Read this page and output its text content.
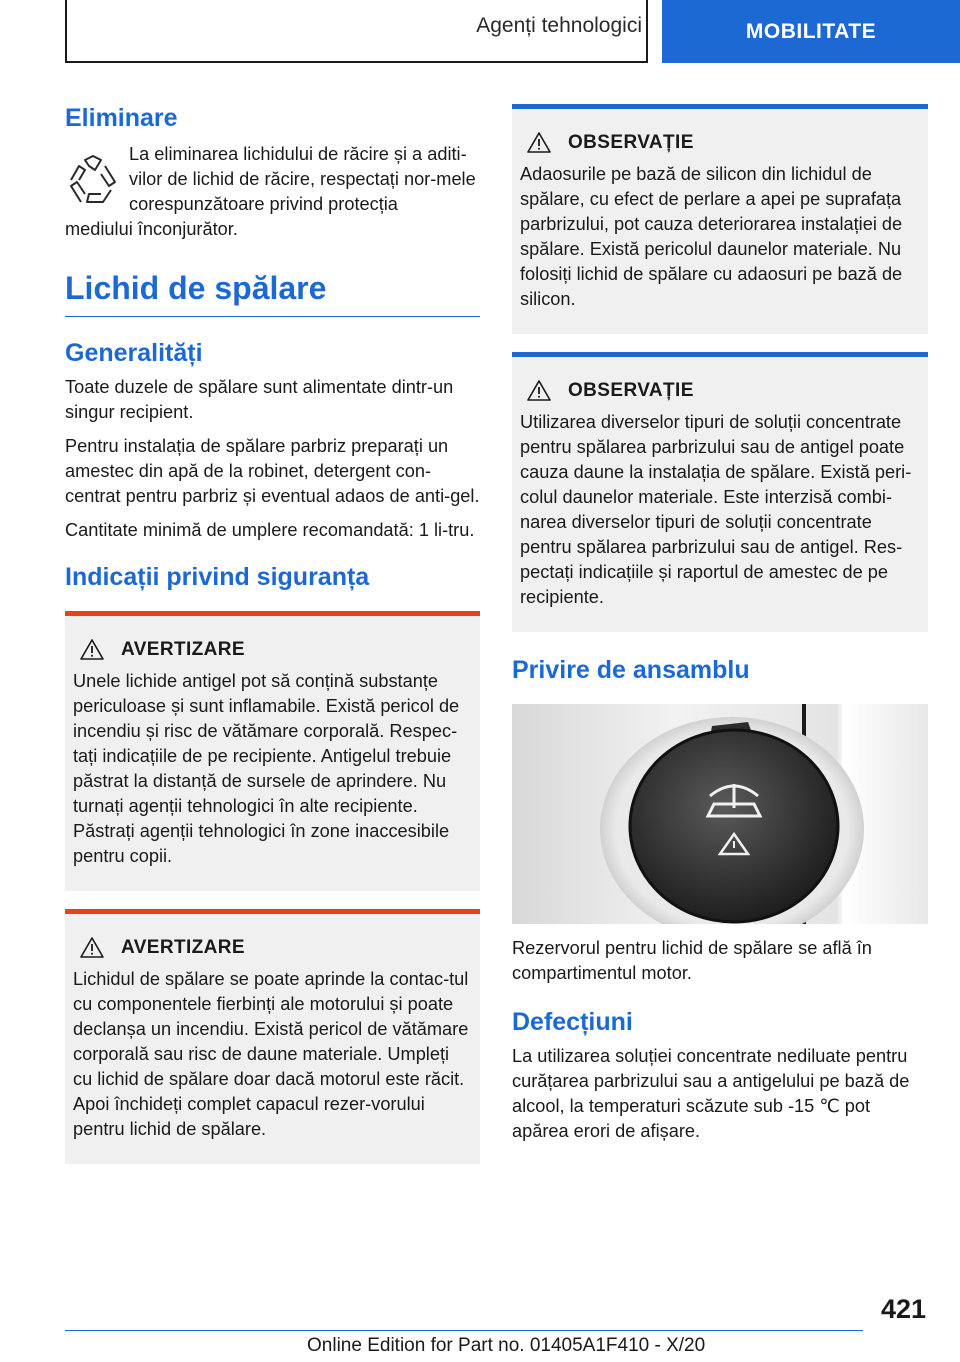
Agenți tehnologici	MOBILITATE
Eliminare

La eliminarea lichidului de răcire și a aditi-vilor de lichid de răcire, respectați nor-mele corespunzătoare privind protecția

mediului înconjurător.

Lichid de spălare
Generalități

Toate duzele de spălare sunt alimentate dintr-un singur recipient.

Pentru instalația de spălare parbriz preparați un amestec din apă de la robinet, detergent con-centrat pentru parbriz și eventual adaos de anti-gel.

Cantitate minimă de umplere recomandată: 1 li-tru.

Indicații privind siguranța
AVERTIZARE

Unele lichide antigel pot să conțină substanțe periculoase și sunt inflamabile. Există pericol de incendiu și risc de vătămare corporală. Respec-tați indicațiile de pe recipiente. Antigelul trebuie păstrat la distanță de sursele de aprindere. Nu turnați agenții tehnologici în alte recipiente. Păstrați agenții tehnologici în zone inaccesibile pentru copii.

AVERTIZARE

Lichidul de spălare se poate aprinde la contac-tul cu componentele fierbinți ale motorului și poate declanșa un incendiu. Există pericol de vătămare corporală sau risc de daune materiale. Umpleți cu lichid de spălare doar dacă motorul este răcit. Apoi închideți complet capacul rezer-vorului pentru lichid de spălare.

OBSERVAȚIE

Adaosurile pe bază de silicon din lichidul de spălare, cu efect de perlare a apei pe suprafața parbrizului, pot cauza deteriorarea instalației de spălare. Există pericolul daunelor materiale. Nu folosiți lichid de spălare cu adaosuri pe bază de silicon.

OBSERVAȚIE

Utilizarea diverselor tipuri de soluții concentrate pentru spălarea parbrizului sau de antigel poate cauza daune la instalația de spălare. Există peri-colul daunelor materiale. Este interzisă combi-narea diverselor tipuri de soluții concentrate pentru spălarea parbrizului sau de antigel. Res-pectați indicațiile și raportul de amestec de pe recipiente.

Privire de ansamblu

Rezervorul pentru lichid de spălare se află în compartimentul motor.

Defecțiuni

La utilizarea soluției concentrate nediluate pentru curățarea parbrizului sau a antigelului pe bază de alcool, la temperaturi scăzute sub -15 ℃ pot apărea erori de afișare.

421
Online Edition for Part no. 01405A1F410 - X/20
